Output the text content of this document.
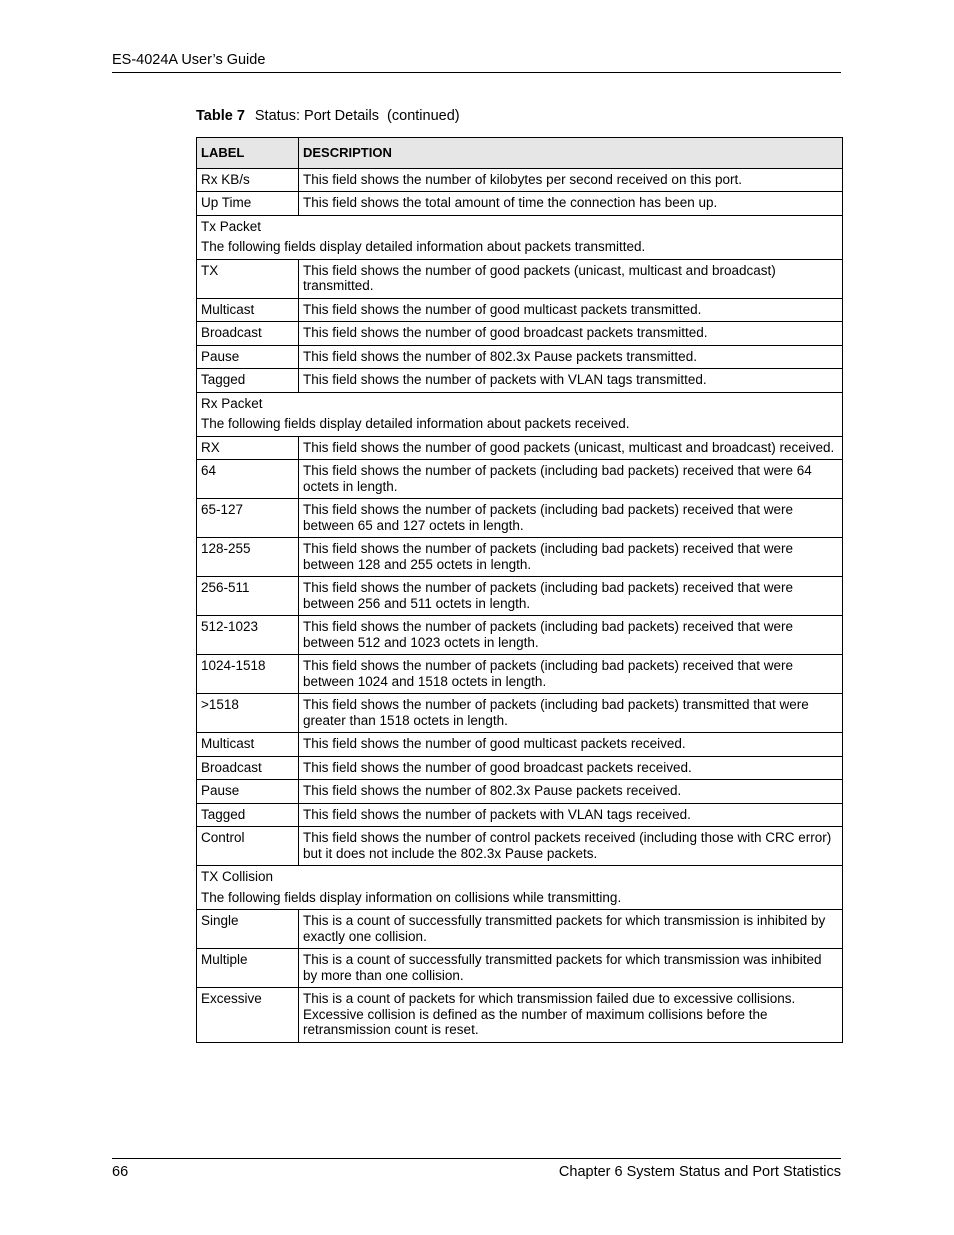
ES-4024A User’s Guide
Table 7 Status: Port Details  (continued)
LABEL	DESCRIPTION
Rx KB/s	This field shows the number of kilobytes per second received on this port.
Up Time	This field shows the total amount of time the connection has been up.

Tx Packet
The following fields display detailed information about packets transmitted.	

TX	This field shows the number of good packets (unicast, multicast and broadcast) transmitted.
Multicast	This field shows the number of good multicast packets transmitted.
Broadcast	This field shows the number of good broadcast packets transmitted.
Pause	This field shows the number of 802.3x Pause packets transmitted.
Tagged	This field shows the number of packets with VLAN tags transmitted.

Rx Packet
The following fields display detailed information about packets received.	

RX	This field shows the number of good packets (unicast, multicast and broadcast) received.
64	This field shows the number of packets (including bad packets) received that were 64 octets in length.
65-127	This field shows the number of packets (including bad packets) received that were between 65 and 127 octets in length.
128-255	This field shows the number of packets (including bad packets) received that were between 128 and 255 octets in length.
256-511	This field shows the number of packets (including bad packets) received that were between 256 and 511 octets in length.
512-1023	This field shows the number of packets (including bad packets) received that were between 512 and 1023 octets in length.
1024-1518	This field shows the number of packets (including bad packets) received that were between 1024 and 1518 octets in length.
>1518	This field shows the number of packets (including bad packets) transmitted that were greater than 1518 octets in length.
Multicast	This field shows the number of good multicast packets received.
Broadcast	This field shows the number of good broadcast packets received.
Pause	This field shows the number of 802.3x Pause packets received.
Tagged	This field shows the number of packets with VLAN tags received.
Control	This field shows the number of control packets received (including those with CRC error) but it does not include the 802.3x Pause packets.

TX Collision
The following fields display information on collisions while transmitting.	

Single	This is a count of successfully transmitted packets for which transmission is inhibited by exactly one collision.
Multiple	This is a count of successfully transmitted packets for which transmission was inhibited by more than one collision.
Excessive	This is a count of packets for which transmission failed due to excessive collisions. Excessive collision is defined as the number of maximum collisions before the retransmission count is reset.
66	Chapter 6 System Status and Port Statistics
